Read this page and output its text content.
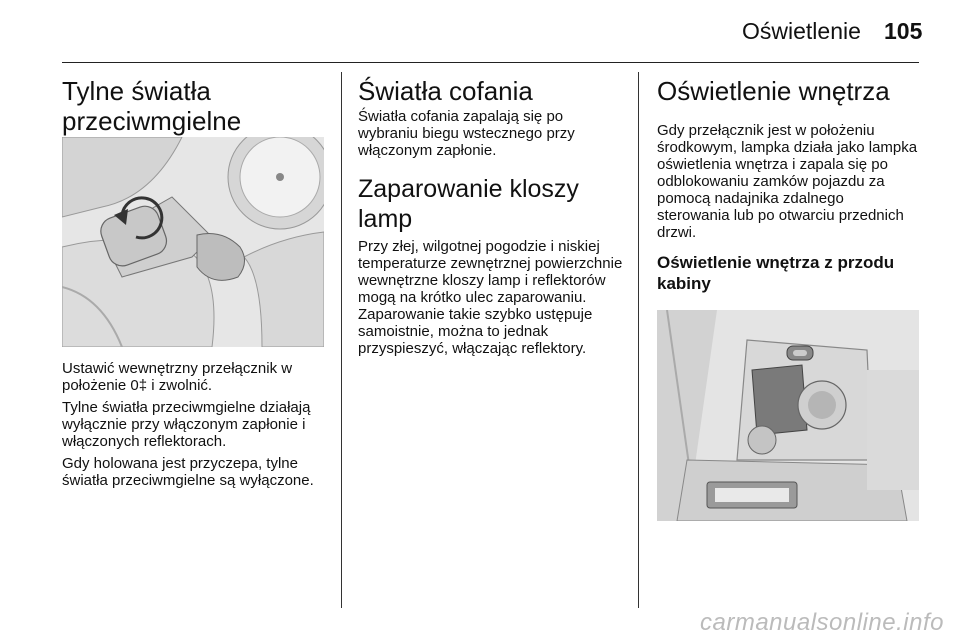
Oświetlenie 105
Tylne światła przeciwmgielne

Ustawić wewnętrzny przełącznik w położenie 0‡ i zwolnić.

Tylne światła przeciwmgielne działają wyłącznie przy włączonym zapłonie i włączonych reflektorach.

Gdy holowana jest przyczepa, tylne światła przeciwmgielne są wyłączone.

Światła cofania

Światła cofania zapalają się po wybraniu biegu wstecznego przy włączonym zapłonie.

Zaparowanie kloszy lamp

Przy złej, wilgotnej pogodzie i niskiej temperaturze zewnętrznej powierzchnie wewnętrzne kloszy lamp i reflektorów mogą na krótko ulec zaparowaniu. Zaparowanie takie szybko ustępuje samoistnie, można to jednak przyspieszyć, włączając reflektory.

Oświetlenie wnętrza

Gdy przełącznik jest w położeniu środkowym, lampka działa jako lampka oświetlenia wnętrza i zapala się po odblokowaniu zamków pojazdu za pomocą nadajnika zdalnego sterowania lub po otwarciu przednich drzwi.

Oświetlenie wnętrza z przodu kabiny
carmanualsonline.info
